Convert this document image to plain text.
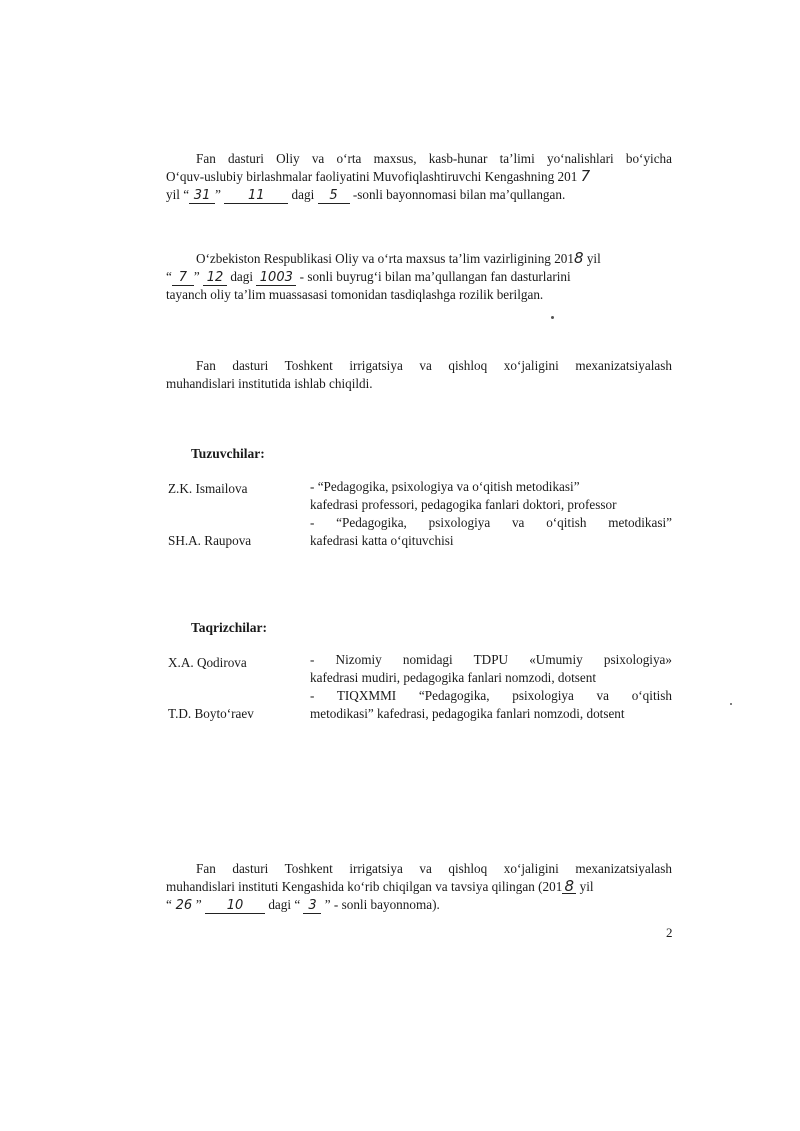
Fan dasturi Oliy va o‘rta maxsus, kasb-hunar ta’limi yo‘nalishlari bo‘yicha
O‘quv-uslubiy birlashmalar faoliyatini Muvofiqlashtiruvchi Kengashning 201 7
yil “ 31 ” 11 dagi 5 -sonli bayonnomasi bilan ma’qullangan.
O‘zbekiston Respublikasi Oliy va o‘rta maxsus ta’lim vazirligining 2018 yil
“ 7 ” 12 dagi 1003 - sonli buyrug‘i bilan ma’qullangan fan dasturlarini
tayanch oliy ta’lim muassasasi tomonidan tasdiqlashga rozilik berilgan.
Fan dasturi Toshkent irrigatsiya va qishloq xo‘jaligini mexanizatsiyalash
muhandislari institutida ishlab chiqildi.
Tuzuvchilar:
Z.K. Ismailova	- “Pedagogika, psixologiya va o‘qitish metodikasi”
kafedrasi professori, pedagogika fanlari doktori, professor
SH.A. Raupova
- “Pedagogika, psixologiya va o‘qitish metodikasi”
kafedrasi katta o‘qituvchisi
Taqrizchilar:
X.A. Qodirova	- Nizomiy nomidagi TDPU «Umumiy psixologiya»
kafedrasi mudiri, pedagogika fanlari nomzodi, dotsent
T.D. Boyto‘raev
- TIQXMMI “Pedagogika, psixologiya va o‘qitish
metodikasi” kafedrasi, pedagogika fanlari nomzodi, dotsent
Fan dasturi Toshkent irrigatsiya va qishloq xo‘jaligini mexanizatsiyalash
muhandislari instituti Kengashida ko‘rib chiqilgan va tavsiya qilingan (201 8 yil
“ 26 ” 10 dagi “ 3 ” - sonli bayonnoma).
2
